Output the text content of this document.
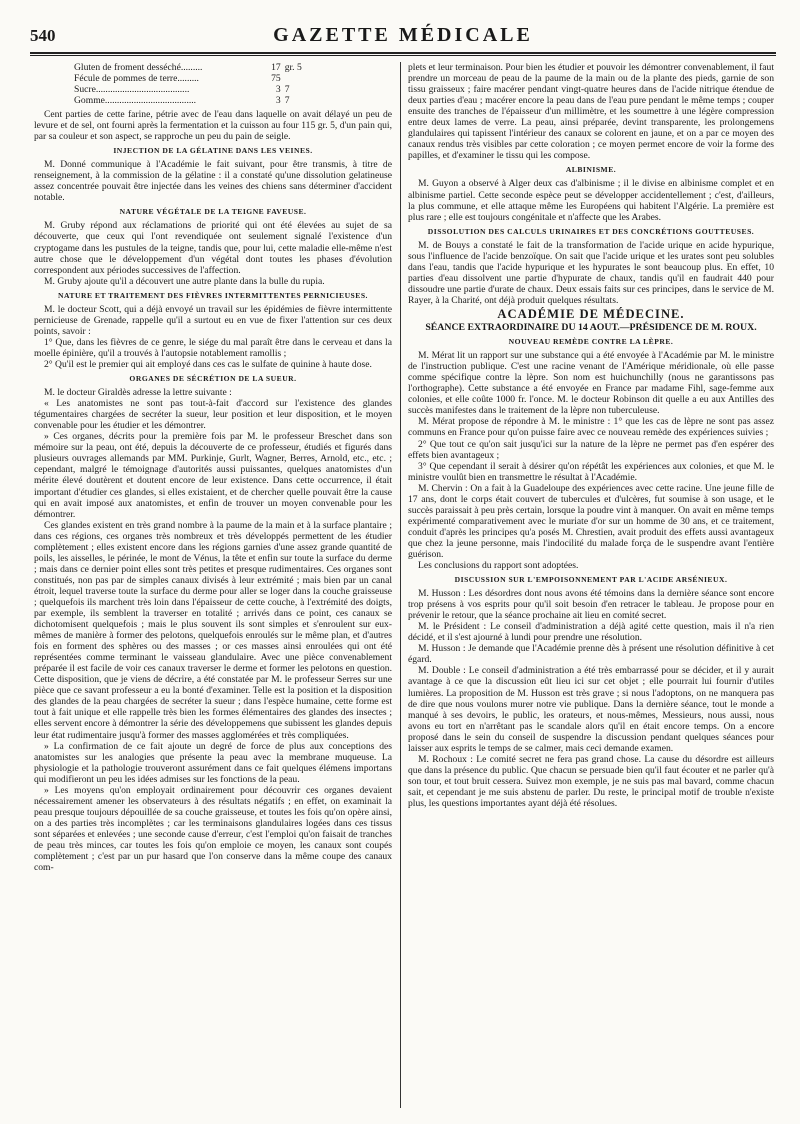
540	GAZETTE MÉDICALE
Gluten de froment desséché.........	17	gr. 5
Fécule de pommes de terre.........	75	
Sucre.......................................	3	7
Gomme......................................	3	7

Cent parties de cette farine, pétrie avec de l'eau dans laquelle on avait délayé un peu de levure et de sel, ont fourni après la fermentation et la cuisson au four 115 gr. 5, d'un pain qui, par sa couleur et son aspect, se rapproche un peu du pain de seigle.

INJECTION DE LA GÉLATINE DANS LES VEINES.

M. Donné communique à l'Académie le fait suivant, pour être transmis, à titre de renseignement, à la commission de la gélatine : il a constaté qu'une dissolution gelatineuse assez concentrée pouvait être injectée dans les veines des chiens sans déterminer d'accident notable.

NATURE VÉGÉTALE DE LA TEIGNE FAVEUSE.

M. Gruby répond aux réclamations de priorité qui ont été élevées au sujet de sa découverte, que ceux qui l'ont revendiquée ont seulement signalé l'existence d'un cryptogame dans les pustules de la teigne, tandis que, pour lui, cette maladie elle-même n'est autre chose que le développement d'un végétal dont toutes les phases d'évolution correspondent aux périodes successives de l'affection.

M. Gruby ajoute qu'il a découvert une autre plante dans la bulle du rupia.

NATURE ET TRAITEMENT DES FIÈVRES INTERMITTENTES PERNICIEUSES.

M. le docteur Scott, qui a déjà envoyé un travail sur les épidémies de fièvre intermittente pernicieuse de Grenade, rappelle qu'il a surtout eu en vue de fixer l'attention sur ces deux points, savoir :

1° Que, dans les fièvres de ce genre, le siége du mal paraît être dans le cerveau et dans la moelle épinière, qu'il a trouvés à l'autopsie notablement ramollis ;

2° Qu'il est le premier qui ait employé dans ces cas le sulfate de quinine à haute dose.

ORGANES DE SÉCRÉTION DE LA SUEUR.

M. le docteur Giraldès adresse la lettre suivante :

« Les anatomistes ne sont pas tout-à-fait d'accord sur l'existence des glandes tégumentaires chargées de secréter la sueur, leur position et leur disposition, et le moyen convenable pour les étudier et les démontrer.

» Ces organes, décrits pour la première fois par M. le professeur Breschet dans son mémoire sur la peau, ont été, depuis la découverte de ce professeur, étudiés et figurés dans plusieurs ouvrages allemands par MM. Purkinje, Gurlt, Wagner, Berres, Arnold, etc., etc. ; cependant, malgré le témoignage d'autorités aussi puissantes, quelques anatomistes d'un mérite élevé doutèrent et doutent encore de leur existence. Dans cette occurrence, il était important d'étudier ces glandes, si elles existaient, et de chercher quelle pouvait être la cause qui en avait imposé aux anatomistes, et enfin de trouver un moyen convenable pour les démontrer.

Ces glandes existent en très grand nombre à la paume de la main et à la surface plantaire ; dans ces régions, ces organes très nombreux et très développés permettent de les étudier complètement ; elles existent encore dans les régions garnies d'une assez grande quantité de poils, les aisselles, le périnée, le mont de Vénus, la tête et enfin sur toute la surface du derme ; mais dans ce dernier point elles sont très petites et presque rudimentaires. Ces organes sont constitués, non pas par de simples canaux divisés à leur extrémité ; mais bien par un canal étroit, lequel traverse toute la surface du derme pour aller se loger dans la couche graisseuse ; quelquefois ils marchent très loin dans l'épaisseur de cette couche, à l'extrémité des doigts, par exemple, ils semblent la traverser en totalité ; arrivés dans ce point, ces canaux se dichotomisent quelquefois ; mais le plus souvent ils sont simples et s'enroulent sur eux-mêmes de manière à former des pelotons, quelquefois enroulés sur le même plan, et d'autres fois en forment des sphères ou des masses ; or ces masses ainsi enroulées qui ont été représentées comme terminant le vaisseau glandulaire. Avec une pièce convenablement préparée il est facile de voir ces canaux traverser le derme et former les pelotons en question. Cette disposition, que je viens de décrire, a été constatée par M. le professeur Serres sur une pièce que ce savant professeur a eu la bonté d'examiner. Telle est la position et la disposition des glandes de la peau chargées de secréter la sueur ; dans l'espèce humaine, cette forme est tout à fait unique et elle rappelle très bien les formes élémentaires des glandes des insectes ; elles servent encore à démontrer la série des développemens que subissent les glandes depuis leur état rudimentaire jusqu'à former des masses agglomérées et très compliquées.

» La confirmation de ce fait ajoute un degré de force de plus aux conceptions des anatomistes sur les analogies que présente la peau avec la membrane muqueuse. La physiologie et la pathologie trouveront assurément dans ce fait quelques élémens importans qui modifieront un peu les idées admises sur les fonctions de la peau.

» Les moyens qu'on employait ordinairement pour découvrir ces organes devaient nécessairement amener les observateurs à des résultats négatifs ; en effet, on examinait la peau presque toujours dépouillée de sa couche graisseuse, et toutes les fois qu'on opère ainsi, on a des parties très incomplètes ; car les terminaisons glandulaires logées dans ces tissus sont séparées et enlevées ; une seconde cause d'erreur, c'est l'emploi qu'on faisait de tranches de peau très minces, car toutes les fois qu'on emploie ce moyen, les canaux sont coupés complètement ; c'est par un pur hasard que l'on conserve dans la même coupe des canaux com-

plets et leur terminaison. Pour bien les étudier et pouvoir les démontrer convenablement, il faut prendre un morceau de peau de la paume de la main ou de la plante des pieds, garnie de son tissu graisseux ; faire macérer pendant vingt-quatre heures dans de l'acide nitrique étendue de deux parties d'eau ; macérer encore la peau dans de l'eau pure pendant le même temps ; couper ensuite des tranches de l'épaisseur d'un millimètre, et les soumettre à une légère compression entre deux lames de verre. La peau, ainsi préparée, devint transparente, les prolongemens glandulaires qui tapissent l'intérieur des canaux se colorent en jaune, et on a par ce moyen des canaux rendus très visibles par cette coloration ; ce moyen permet encore de voir la forme des papilles, et d'examiner le tissu qui les compose.

ALBINISME.

M. Guyon a observé à Alger deux cas d'albinisme ; il le divise en albinisme complet et en albinisme partiel. Cette seconde espèce peut se développer accidentellement ; c'est, d'ailleurs, la plus commune, et elle attaque même les Européens qui habitent l'Algérie. La première est plus rare ; elle est toujours congénitale et n'affecte que les Arabes.

DISSOLUTION DES CALCULS URINAIRES ET DES CONCRÉTIONS GOUTTEUSES.

M. de Bouys a constaté le fait de la transformation de l'acide urique en acide hypurique, sous l'influence de l'acide benzoïque. On sait que l'acide urique et les urates sont peu solubles dans l'eau, tandis que l'acide hypurique et les hypurates le sont beaucoup plus. En effet, 10 parties d'eau dissolvent une partie d'hypurate de chaux, tandis qu'il en faudrait 440 pour dissoudre une partie d'urate de chaux. Deux essais faits sur ces principes, dans le service de M. Rayer, à la Charité, ont déjà produit quelques résultats.

ACADÉMIE DE MÉDECINE.

SÉANCE EXTRAORDINAIRE DU 14 AOUT.—PRÉSIDENCE DE M. ROUX.

NOUVEAU REMÈDE CONTRE LA LÈPRE.

M. Mérat lit un rapport sur une substance qui a été envoyée à l'Académie par M. le ministre de l'instruction publique. C'est une racine venant de l'Amérique méridionale, où elle passe comme spécifique contre la lèpre. Son nom est huichunchilly (nous ne garantissons pas l'orthographe). Cette substance a été envoyée en France par madame Fihl, sage-femme aux colonies, et elle coûte 1000 fr. l'once. M. le docteur Robinson dit quelle a eu aux Antilles des succès manifestes dans le traitement de la lèpre non tuberculeuse.

M. Mérat propose de répondre à M. le ministre : 1° que les cas de lèpre ne sont pas assez communs en France pour qu'on puisse faire avec ce nouveau remède des expériences suivies ;

2° Que tout ce qu'on sait jusqu'ici sur la nature de la lèpre ne permet pas d'en espérer des effets bien avantageux ;

3° Que cependant il serait à désirer qu'on répétât les expériences aux colonies, et que M. le ministre voulût bien en transmettre le résultat à l'Académie.

M. Chervin : On a fait à la Guadeloupe des expériences avec cette racine. Une jeune fille de 17 ans, dont le corps était couvert de tubercules et d'ulcères, fut soumise à son usage, et le succès paraissait à peu près certain, lorsque la poudre vint à manquer. On avait en même temps expérimenté comparativement avec le muriate d'or sur un homme de 30 ans, et ce traitement, conduit d'après les principes qu'a posés M. Chrestien, avait produit des effets aussi avantageux que chez la jeune personne, mais l'indocilité du malade força de le suspendre avant l'entière guérison.

Les conclusions du rapport sont adoptées.

DISCUSSION SUR L'EMPOISONNEMENT PAR L'ACIDE ARSÉNIEUX.

M. Husson : Les désordres dont nous avons été témoins dans la dernière séance sont encore trop présens à vos esprits pour qu'il soit besoin d'en retracer le tableau. Je propose pour en prévenir le retour, que la séance prochaine ait lieu en comité secret.

M. le Président : Le conseil d'administration a déjà agité cette question, mais il n'a rien décidé, et il s'est ajourné à lundi pour prendre une résolution.

M. Husson : Je demande que l'Académie prenne dès à présent une résolution définitive à cet égard.

M. Double : Le conseil d'administration a été très embarrassé pour se décider, et il y aurait avantage à ce que la discussion eût lieu ici sur cet objet ; elle pourrait lui fournir d'utiles lumières. La proposition de M. Husson est très grave ; si nous l'adoptons, on ne manquera pas de dire que nous voulons murer notre vie publique. Dans la dernière séance, tout le monde a manqué à ses devoirs, le public, les orateurs, et nous-mêmes, Messieurs, nous aussi, nous avons eu tort en n'arrêtant pas le scandale alors qu'il en était encore temps. On a encore proposé dans le sein du conseil de suspendre la discussion pendant quelques séances pour laisser aux esprits le temps de se calmer, mais ceci demande examen.

M. Rochoux : Le comité secret ne fera pas grand chose. La cause du désordre est ailleurs que dans la présence du public. Que chacun se persuade bien qu'il faut écouter et ne parler qu'à son tour, et tout bruit cessera. Suivez mon exemple, je ne suis pas mal bavard, comme chacun sait, et cependant je me suis abstenu de parler. Du reste, le principal motif de trouble n'existe plus, les questions importantes ayant déjà été résolues.
